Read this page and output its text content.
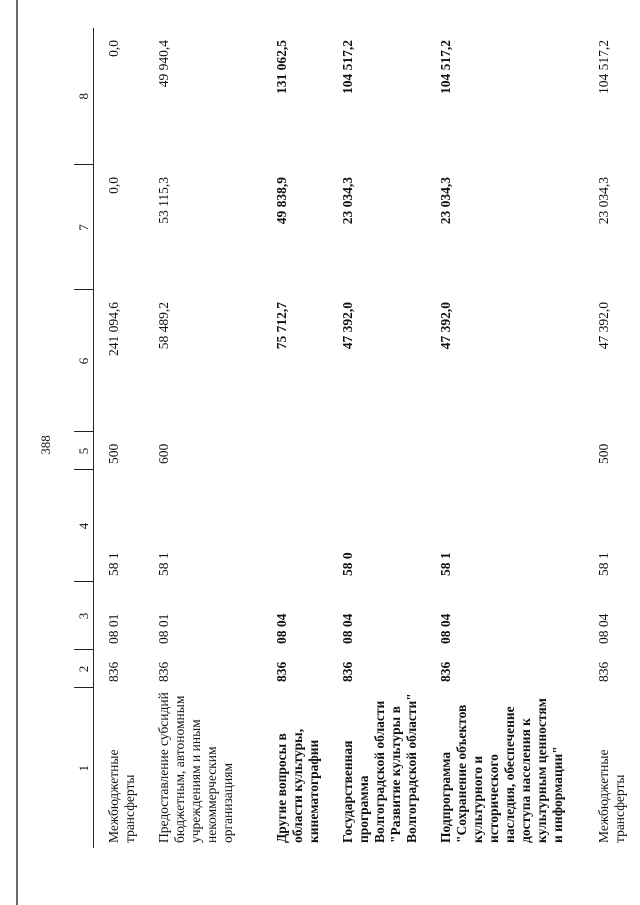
388
1	2	3	4	5	6	7	8
Межбюджетные трансферты	836	08 01	58 1	500	241 094,6	0,0	0,0
Предоставление субсидий бюджетным, автономным учреждениям и иным некоммерческим организациям	836	08 01	58 1	600	58 489,2	53 115,3	49 940,4
Другие вопросы в области культуры, кинематографии	836	08 04			75 712,7	49 838,9	131 062,5
Государственная программа Волгоградской области "Развитие культуры в Волгоградской области"	836	08 04	58 0		47 392,0	23 034,3	104 517,2
Подпрограмма "Сохранение объектов культурного и исторического наследия, обеспечение доступа населения к культурным ценностям и информации"	836	08 04	58 1		47 392,0	23 034,3	104 517,2
Межбюджетные трансферты	836	08 04	58 1	500	47 392,0	23 034,3	104 517,2
